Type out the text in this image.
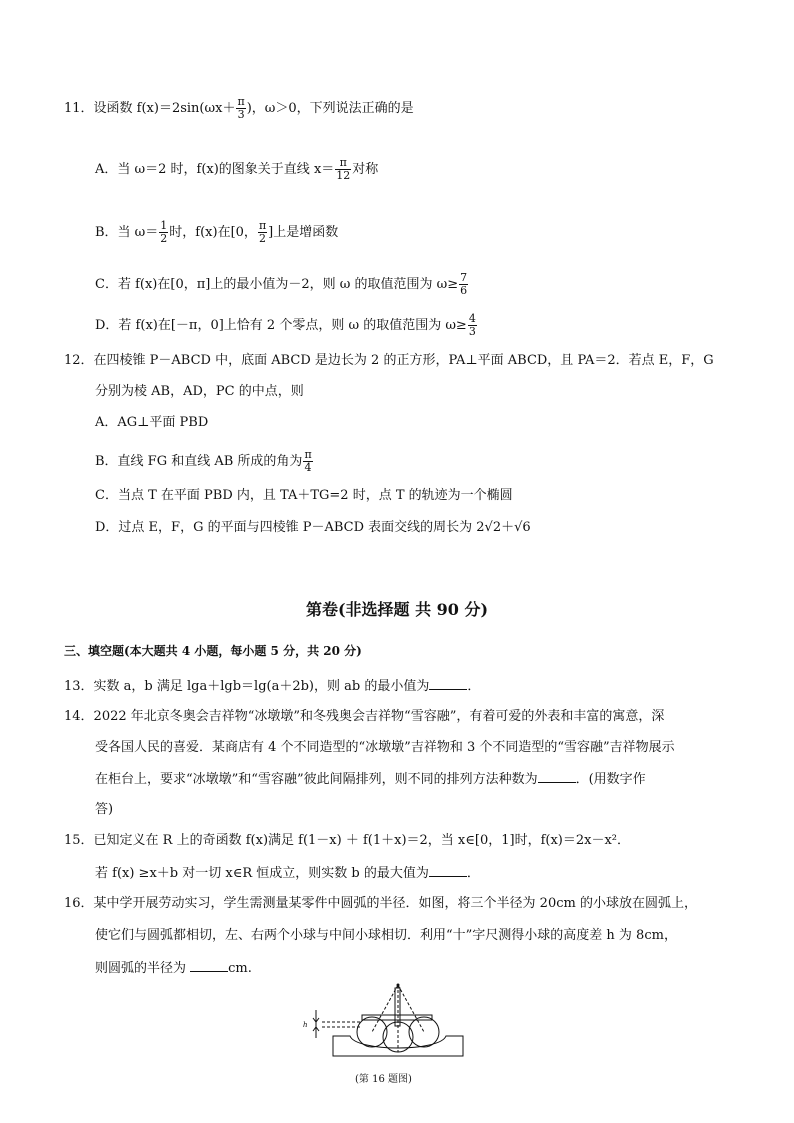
11．设函数 $f(x)=2\sin(\omega x+ \frac{\pi}{3}$ )，ω＞0，下列说法正确的是
A．当 ω＝2 时，f(x)的图象关于直线 $x= \frac{\pi}{12}$ 对称
B．当 $\omega= \frac{1}{2}$ 时，f(x)在[0， $\frac{\pi}{2}$ ]上是增函数
C．若 f(x)在[0，π]上的最小值为－2，则 ω 的取值范围为 $\omega\ge \frac{7}{6}$
D．若 f(x)在[－π，0]上恰有 2 个零点，则 ω 的取值范围为 $\omega\ge \frac{4}{3}$
12．在四棱锥 P－ABCD 中，底面 ABCD 是边长为 2 的正方形，PA⊥平面 ABCD，且 PA＝2．若点 E，F，G
分别为棱 AB，AD，PC 的中点，则
A．AG⊥平面 PBD
B．直线 FG 和直线 AB 所成的角为 $\frac{\pi}{4}$
C．当点 T 在平面 PBD 内，且 TA＋TG=2 时，点 T 的轨迹为一个椭圆
D．过点 E，F，G 的平面与四棱锥 P－ABCD 表面交线的周长为 2√2＋√6
第卷(非选择题 共 90 分)
三、填空题(本大题共 4 小题，每小题 5 分，共 20 分)
13．实数 a，b 满足 lga＋lgb＝lg(a＋2b)，则 ab 的最小值为	．
14．2022 年北京冬奥会吉祥物“冰墩墩”和冬残奥会吉祥物“雪容融”，有着可爱的外表和丰富的寓意，深
受各国人民的喜爱．某商店有 4 个不同造型的“冰墩墩”吉祥物和 3 个不同造型的“雪容融”吉祥物展示
在柜台上，要求“冰墩墩”和“雪容融”彼此间隔排列，则不同的排列方法种数为	．(用数字作
答)
15．已知定义在 R 上的奇函数 f(x)满足 f(1－x) ＋ f(1＋x)＝2，当 x∈[0，1]时，f(x)＝2x－x²．
若 f(x) ≥x＋b 对一切 x∈R 恒成立，则实数 b 的最大值为	．
16．某中学开展劳动实习，学生需测量某零件中圆弧的半径．如图，将三个半径为 20cm 的小球放在圆弧上，
使它们与圆弧都相切，左、右两个小球与中间小球相切．利用“十”字尺测得小球的高度差 h 为 8cm，
则圆弧的半径为	cm.
h
(第 16 题图)
